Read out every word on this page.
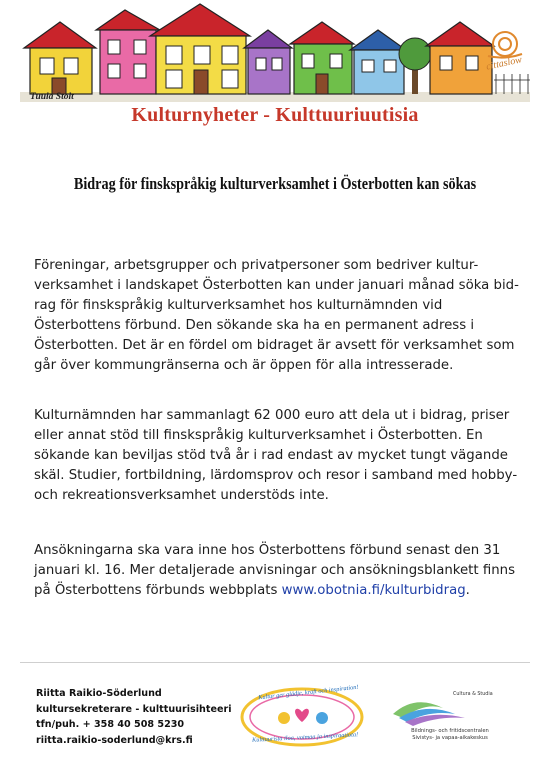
Tuula Stolt
cittaslow
Kulturnyheter - Kulttuuriuutisia
Bidrag för finskspråkig kulturverksamhet i Österbotten kan sökas

Föreningar, arbetsgrupper och privatpersoner som bedriver kultur-verksamhet i landskapet Österbotten kan under januari månad söka bid-rag för finskspråkig kulturverksamhet hos kulturnämnden vid Österbottens förbund. Den sökande ska ha en permanent adress i Österbotten. Det är en fördel om bidraget är avsett för verksamhet som går över kommungränserna och är öppen för alla intresserade.

Kulturnämnden har sammanlagt 62 000 euro att dela ut i bidrag, priser eller annat stöd till finskspråkig kulturverksamhet i Österbotten. En sökande kan beviljas stöd två år i rad endast av mycket tungt vägande skäl. Studier, fortbildning, lärdomsprov och resor i samband med hobby- och rekreationsverksamhet understöds inte.

Ansökningarna ska vara inne hos Österbottens förbund senast den 31 januari kl. 16. Mer detaljerade anvisningar och ansökningsblankett finns på Österbottens förbunds webbplats www.obotnia.fi/kulturbidrag.

Riitta Raikio-Söderlund
kultursekreterare - kulttuurisihteeri
tfn/puh. + 358 40 508 5230
riitta.raikio-soderlund@krs.fi
Kultur ger glädje, kraft och inspiration!
Kulttuurista iloa, voimaa ja inspiraatiota!
Cultura & Studia
Bildnings- och fritidscentralen
Sivistys- ja vapaa-aikakeskus
